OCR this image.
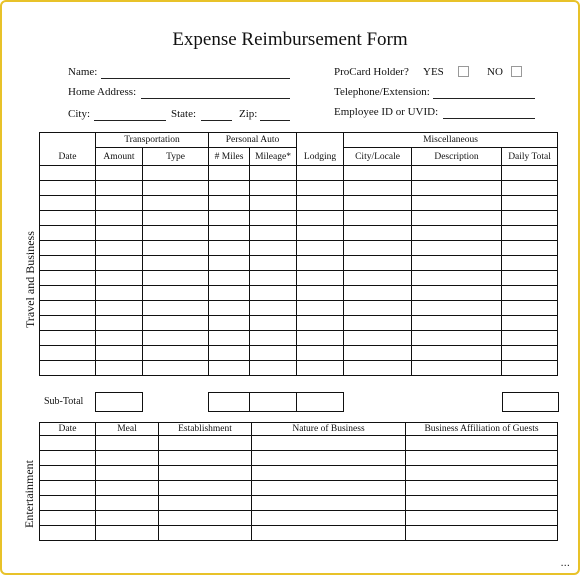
Expense Reimbursement Form
Name:
Home Address:
City:	State:	Zip:
ProCard Holder? YES	NO
Telephone/Extension:
Employee ID or UVID:
Travel and Business
Date	Transportation		Personal Auto		Lodging	Miscellaneous		
	Amount	Type	# Miles	Mileage*		City/Locale	Description	Daily Total

Sub-Total
Entertainment
Date	Meal	Establishment	Nature of Business	Business Affiliation of Guests

...
